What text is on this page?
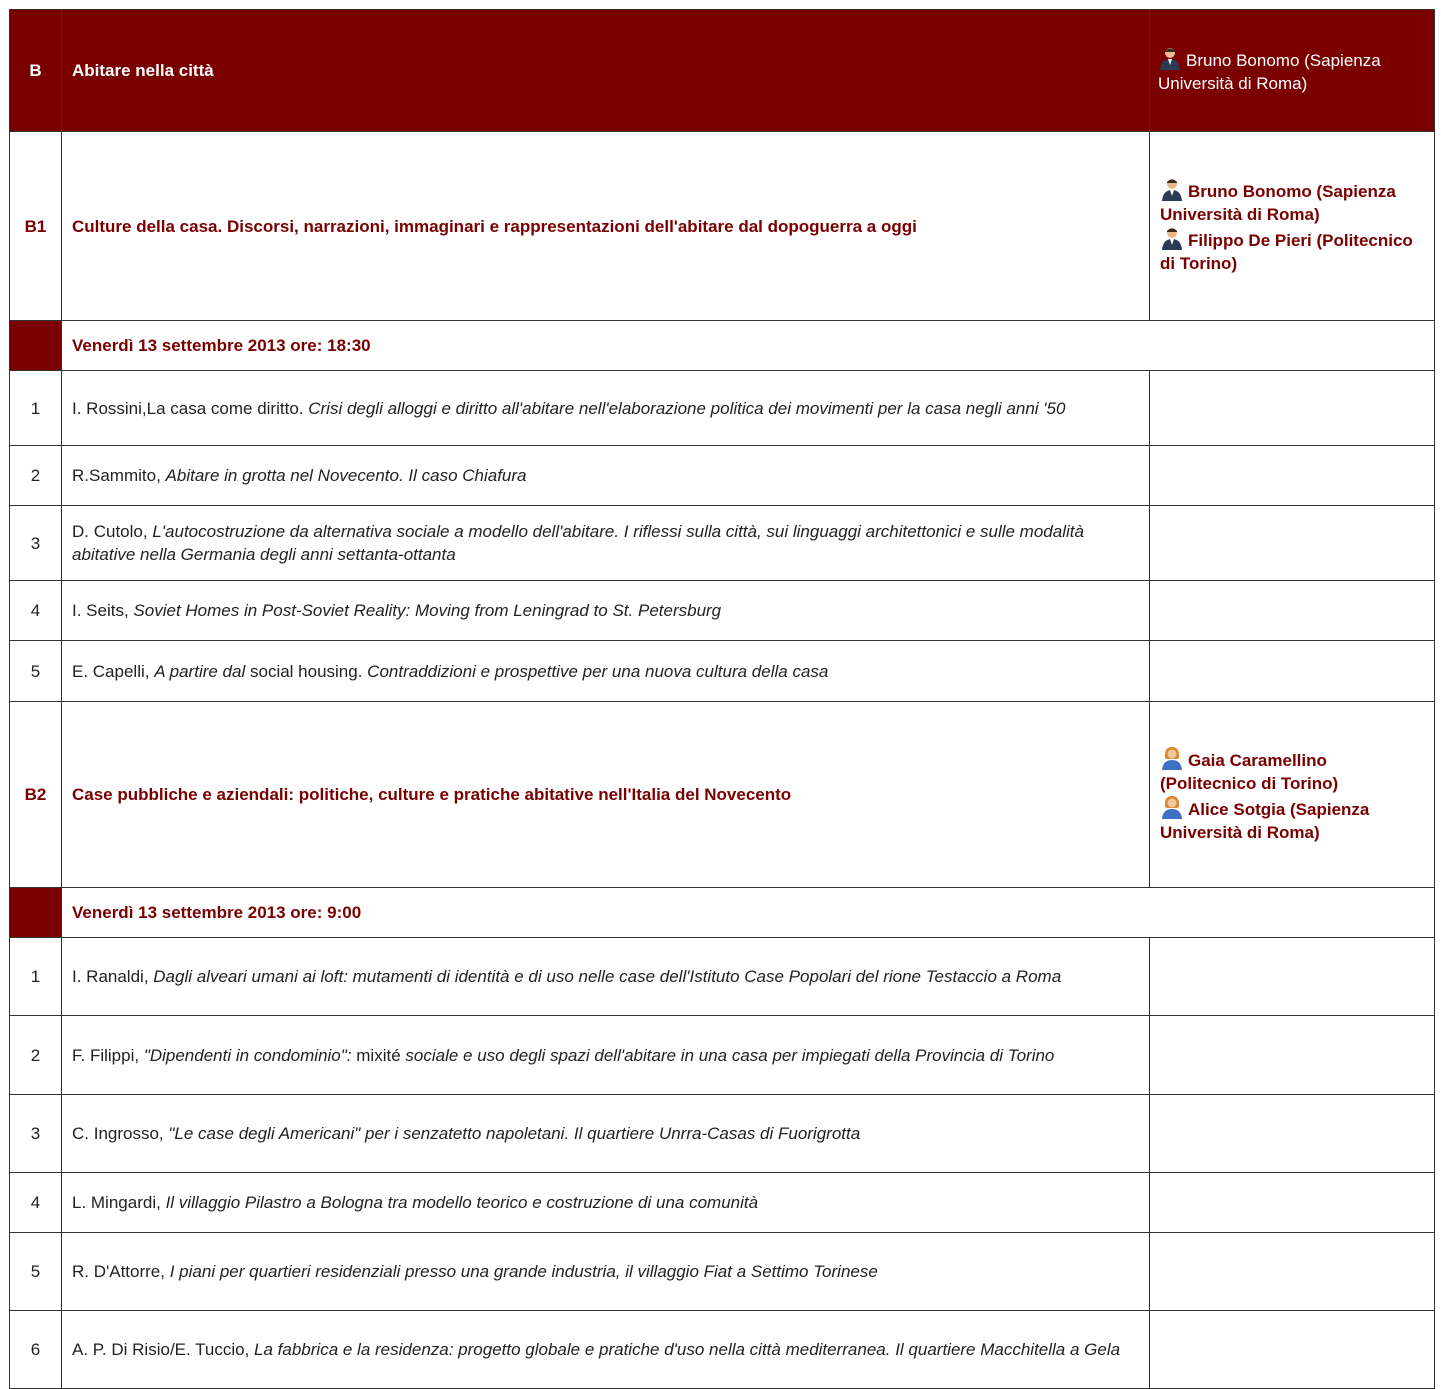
B	Abitare nella città	Bruno Bonomo (Sapienza Università di Roma)
B1	Culture della casa. Discorsi, narrazioni, immaginari e rappresentazioni dell'abitare dal dopoguerra a oggi	Bruno Bonomo (Sapienza Università di Roma)
Filippo De Pieri (Politecnico di Torino)

	Venerdì 13 settembre 2013 ore: 18:30	
1	I. Rossini,La casa come diritto. Crisi degli alloggi e diritto all'abitare nell'elaborazione politica dei movimenti per la casa negli anni '50	
2	R.Sammito, Abitare in grotta nel Novecento. Il caso Chiafura	
3	D. Cutolo, L'autocostruzione da alternativa sociale a modello dell'abitare. I riflessi sulla città, sui linguaggi architettonici e sulle modalità abitative nella Germania degli anni settanta-ottanta	
4	I. Seits, Soviet Homes in Post-Soviet Reality: Moving from Leningrad to St. Petersburg	
5	E. Capelli, A partire dal social housing. Contraddizioni e prospettive per una nuova cultura della casa	
B2	Case pubbliche e aziendali: politiche, culture e pratiche abitative nell'Italia del Novecento	Gaia Caramellino (Politecnico di Torino)
Alice Sotgia (Sapienza Università di Roma)

	Venerdì 13 settembre 2013 ore: 9:00	
1	I. Ranaldi, Dagli alveari umani ai loft: mutamenti di identità e di uso nelle case dell'Istituto Case Popolari del rione Testaccio a Roma	
2	F. Filippi, "Dipendenti in condominio": mixité sociale e uso degli spazi dell'abitare in una casa per impiegati della Provincia di Torino	
3	C. Ingrosso, "Le case degli Americani" per i senzatetto napoletani. Il quartiere Unrra-Casas di Fuorigrotta	
4	L. Mingardi, Il villaggio Pilastro a Bologna tra modello teorico e costruzione di una comunità	
5	R. D'Attorre, I piani per quartieri residenziali presso una grande industria, il villaggio Fiat a Settimo Torinese	
6	A. P. Di Risio/E. Tuccio, La fabbrica e la residenza: progetto globale e pratiche d'uso nella città mediterranea. Il quartiere Macchitella a Gela	
